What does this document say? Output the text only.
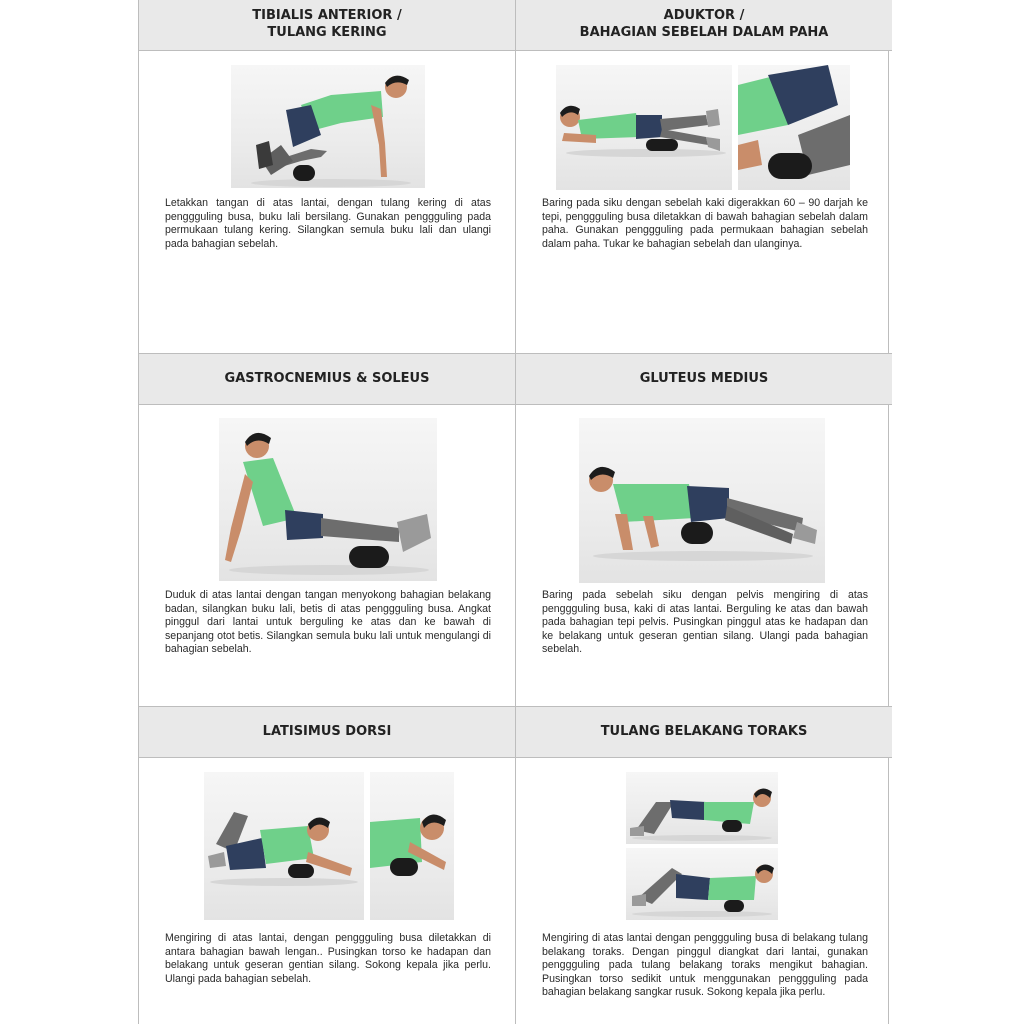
TIBIALIS ANTERIOR /
TULANG KERING
Letakkan tangan di atas lantai, dengan tulang kering di atas penggguling busa, buku lali bersilang. Gunakan penggguling pada permukaan tulang kering. Silangkan semula buku lali dan ulangi pada bahagian sebelah.
ADUKTOR /
BAHAGIAN SEBELAH DALAM PAHA
Baring pada siku dengan sebelah kaki digerakkan 60 – 90 darjah ke tepi, penggguling busa diletakkan di bawah bahagian sebelah dalam paha. Gunakan penggguling pada permukaan bahagian sebelah dalam paha. Tukar ke bahagian sebelah dan ulanginya.
GASTROCNEMIUS & SOLEUS
Duduk di atas lantai dengan tangan menyokong bahagian belakang badan, silangkan buku lali, betis di atas penggguling busa. Angkat pinggul dari lantai untuk berguling ke atas dan ke bawah di sepanjang otot betis. Silangkan semula buku lali untuk mengulangi di bahagian sebelah.
GLUTEUS MEDIUS
Baring pada sebelah siku dengan pelvis mengiring di atas penggguling busa, kaki di atas lantai. Berguling ke atas dan bawah pada bahagian tepi pelvis. Pusingkan pinggul atas ke hadapan dan ke belakang untuk geseran gentian silang. Ulangi pada bahagian sebelah.
LATISIMUS DORSI
Mengiring di atas lantai, dengan penggguling busa diletakkan di antara bahagian bawah lengan.. Pusingkan torso ke hadapan dan belakang untuk geseran gentian silang. Sokong kepala jika perlu. Ulangi pada bahagian sebelah.
TULANG BELAKANG TORAKS
Mengiring di atas lantai dengan penggguling busa di belakang tulang belakang toraks. Dengan pinggul diangkat dari lantai, gunakan penggguling pada tulang belakang toraks mengikut bahagian. Pusingkan torso sedikit untuk menggunakan penggguling pada bahagian belakang sangkar rusuk. Sokong kepala jika perlu.
